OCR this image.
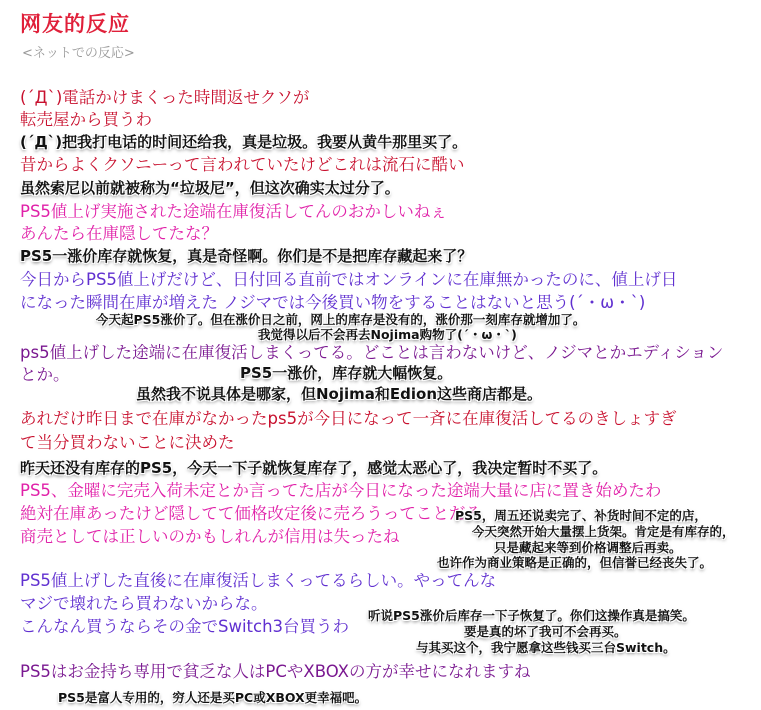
网友的反应
<ネットでの反応>
(´Д`)電話かけまくった時間返せクソが
転売屋から買うわ
(´Д`)把我打电话的时间还给我，真是垃圾。我要从黄牛那里买了。
昔からよくクソニーって言われていたけどこれは流石に酷い
虽然索尼以前就被称为“垃圾尼”，但这次确实太过分了。
PS5値上げ実施された途端在庫復活してんのおかしいねぇ
あんたら在庫隠してたな？
PS5一涨价库存就恢复，真是奇怪啊。你们是不是把库存藏起来了？
今日からPS5値上げだけど、日付回る直前ではオンラインに在庫無かったのに、値上げ日
になった瞬間在庫が増えた ノジマでは今後買い物をすることはないと思う(´・ω・`)
今天起PS5涨价了。但在涨价日之前，网上的库存是没有的，涨价那一刻库存就增加了。
我觉得以后不会再去Nojima购物了(´・ω・`)
ps5値上げした途端に在庫復活しまくってる。どことは言わないけど、ノジマとかエディション
とか。	PS5一涨价，库存就大幅恢复。
虽然我不说具体是哪家，但Nojima和Edion这些商店都是。
あれだけ昨日まで在庫がなかったps5が今日になって一斉に在庫復活してるのきしょすぎ
て当分買わないことに決めた
昨天还没有库存的PS5，今天一下子就恢复库存了，感觉太恶心了，我决定暂时不买了。
PS5、金曜に完売入荷未定とか言ってた店が今日になった途端大量に店に置き始めたわ
絶対在庫あったけど隠してて価格改定後に売ろうってことだろ
商売としては正しいのかもしれんが信用は失ったね
PS5，周五还说卖完了、补货时间不定的店，
今天突然开始大量摆上货架。肯定是有库存的，
只是藏起来等到价格调整后再卖。
也许作为商业策略是正确的，但信誉已经丧失了。
PS5値上げした直後に在庫復活しまくってるらしい。やってんな
マジで壊れたら買わないからな。
こんなん買うならその金でSwitch3台買うわ
听说PS5涨价后库存一下子恢复了。你们这操作真是搞笑。
要是真的坏了我可不会再买。
与其买这个，我宁愿拿这些钱买三台Switch。
PS5はお金持ち専用で貧乏な人はPCやXBOXの方が幸せになれますね
PS5是富人专用的，穷人还是买PC或XBOX更幸福吧。
